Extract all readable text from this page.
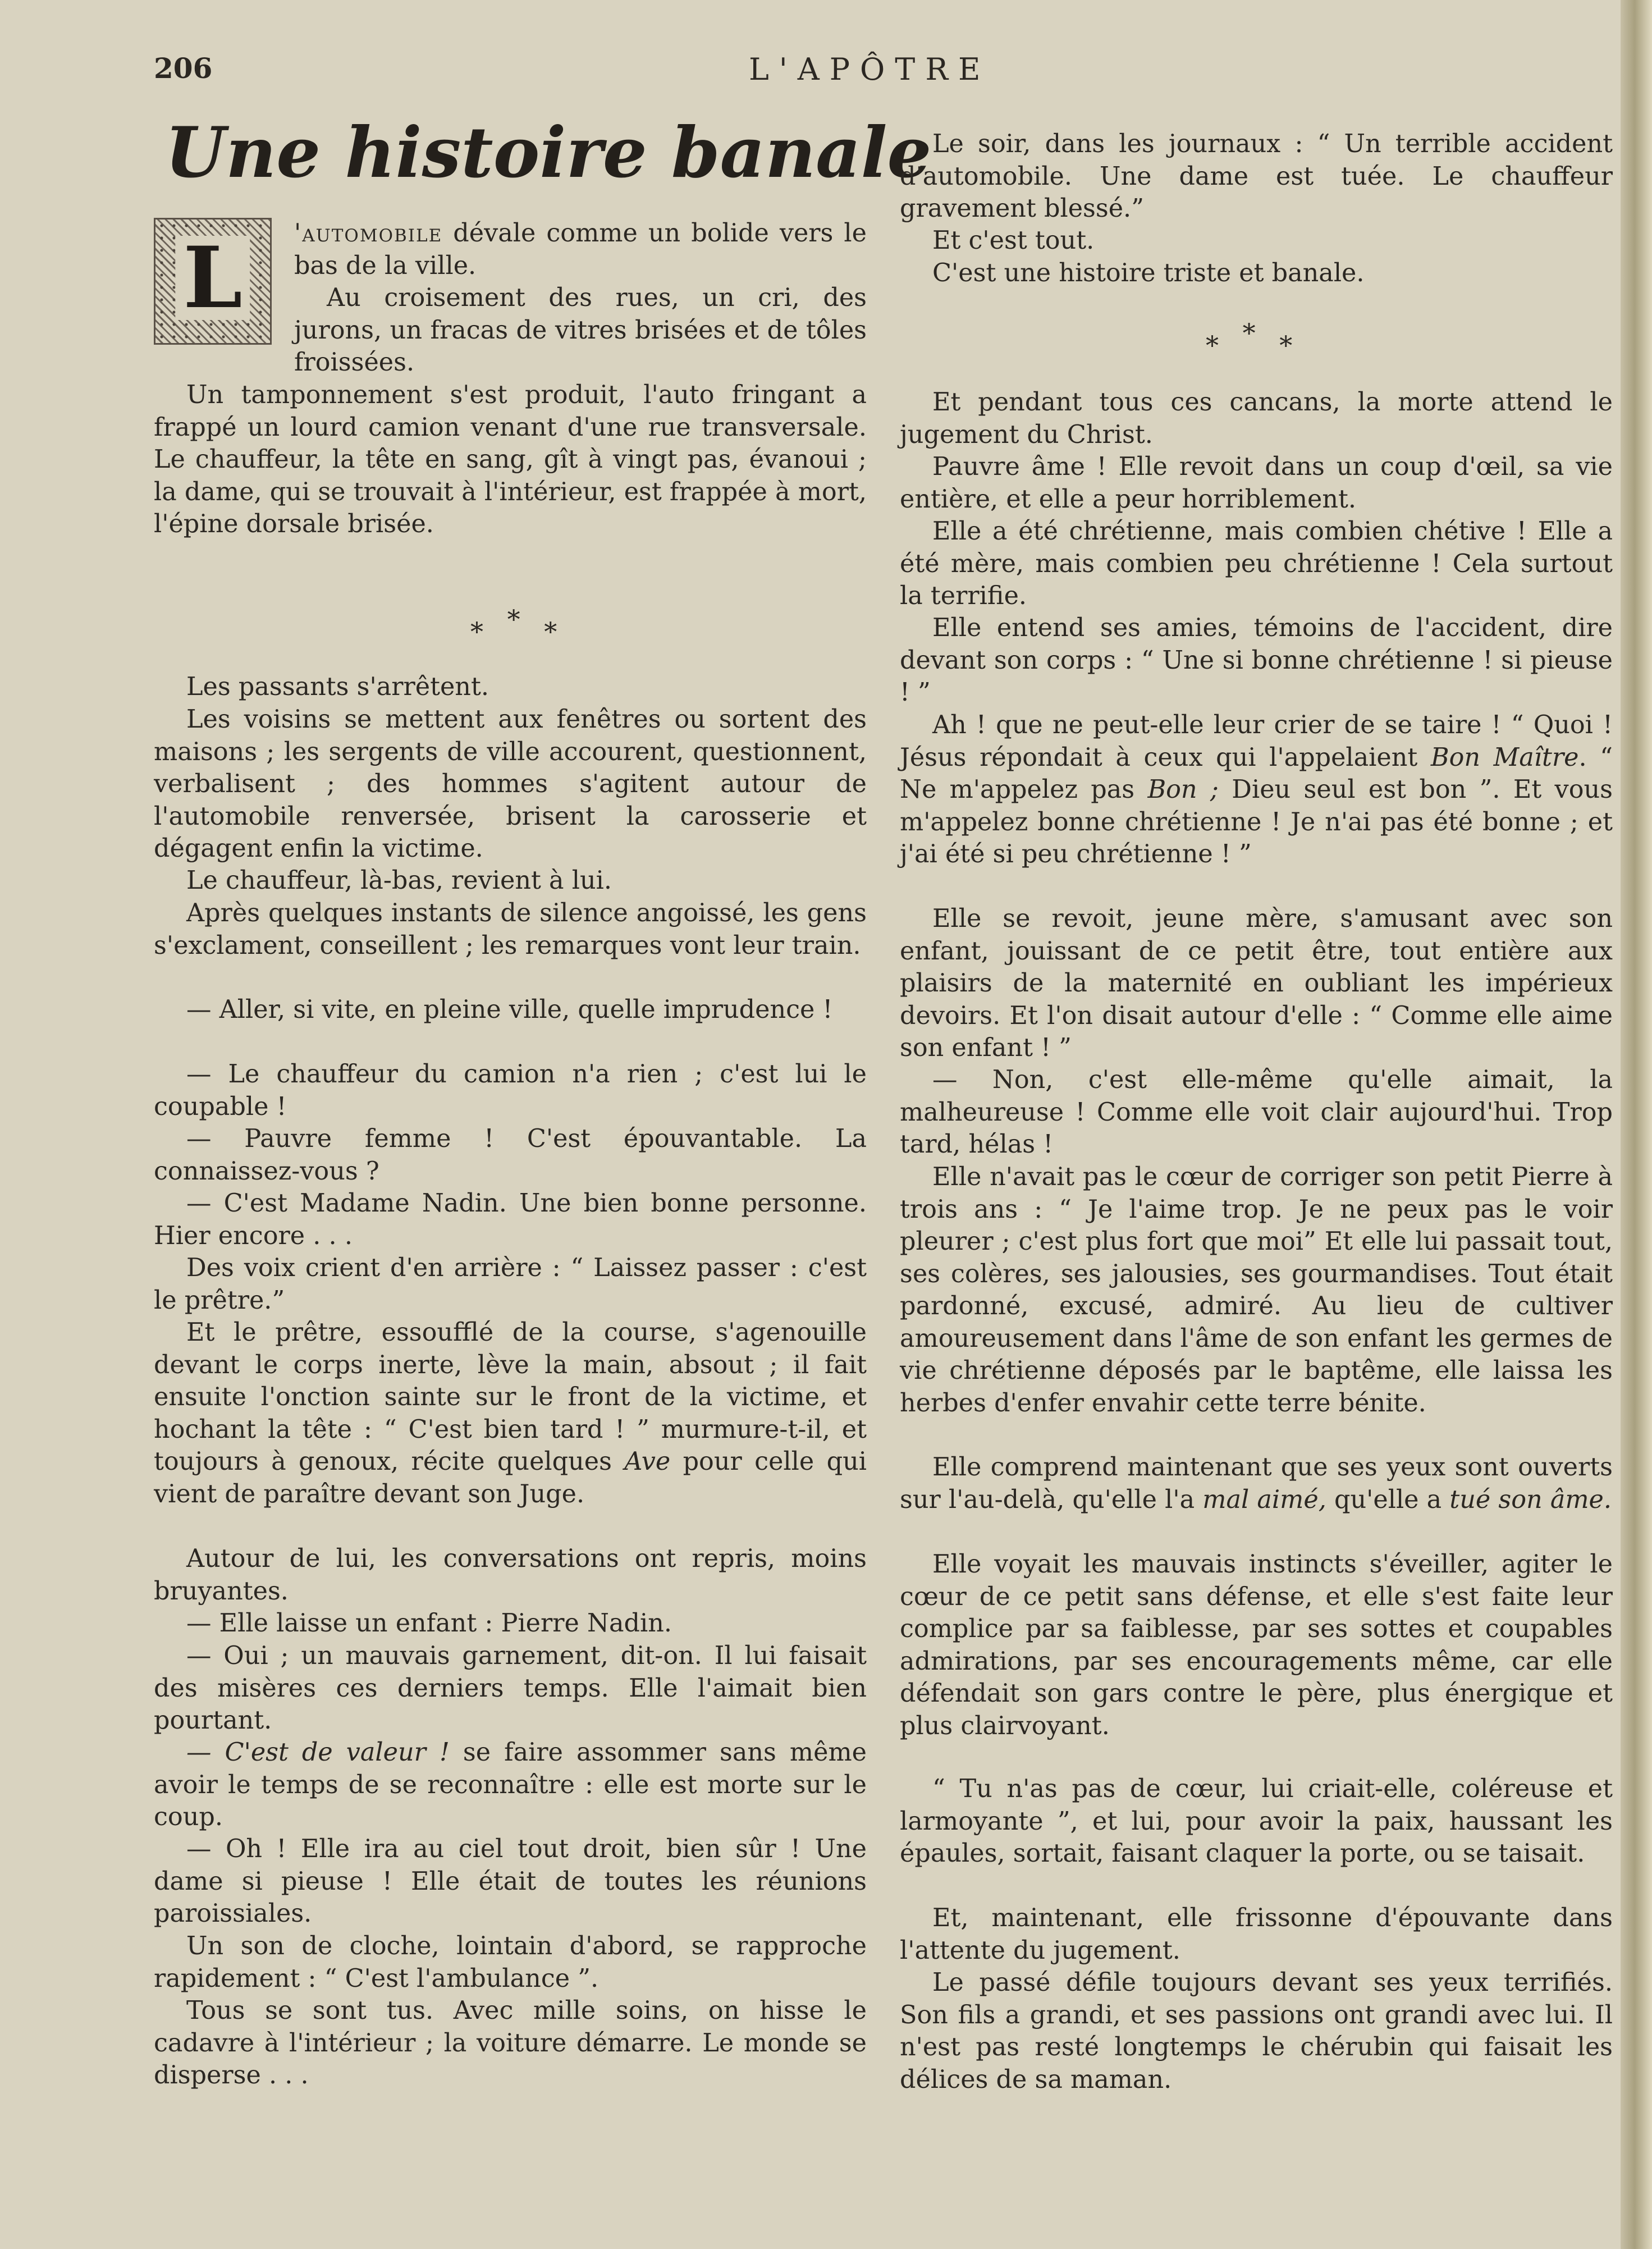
206	L'APÔTRE
Une histoire banale
L	'automobile dévale comme un bolide vers le bas de la ville.

Au croisement des rues, un cri, des jurons, un fracas de vitres brisées et de tôles froissées.

Un tamponnement s'est produit, l'auto fringant a frappé un lourd camion venant d'une rue transversale. Le chauffeur, la tête en sang, gît à vingt pas, évanoui ; la dame, qui se trouvait à l'intérieur, est frappée à mort, l'épine dorsale brisée.

* * *

Les passants s'arrêtent.

Les voisins se mettent aux fenêtres ou sortent des maisons ; les sergents de ville accourent, questionnent, verbalisent ; des hommes s'agitent autour de l'automobile renversée, brisent la carosserie et dégagent enfin la victime.

Le chauffeur, là-bas, revient à lui.

Après quelques instants de silence angoissé, les gens s'exclament, conseillent ; les remarques vont leur train.

— Aller, si vite, en pleine ville, quelle imprudence !

— Le chauffeur du camion n'a rien ; c'est lui le coupable !

— Pauvre femme ! C'est épouvantable. La connaissez-vous ?

— C'est Madame Nadin. Une bien bonne personne. Hier encore . . .

Des voix crient d'en arrière : “ Laissez passer : c'est le prêtre.”

Et le prêtre, essoufflé de la course, s'agenouille devant le corps inerte, lève la main, absout ; il fait ensuite l'onction sainte sur le front de la victime, et hochant la tête : “ C'est bien tard ! ” murmure-t-il, et toujours à genoux, récite quelques Ave pour celle qui vient de paraître devant son Juge.

Autour de lui, les conversations ont repris, moins bruyantes.

— Elle laisse un enfant : Pierre Nadin.

— Oui ; un mauvais garnement, dit-on. Il lui faisait des misères ces derniers temps. Elle l'aimait bien pourtant.

— C'est de valeur ! se faire assommer sans même avoir le temps de se reconnaître : elle est morte sur le coup.

— Oh ! Elle ira au ciel tout droit, bien sûr ! Une dame si pieuse ! Elle était de toutes les réunions paroissiales.

Un son de cloche, lointain d'abord, se rapproche rapidement : “ C'est l'ambulance ”.

Tous se sont tus. Avec mille soins, on hisse le cadavre à l'intérieur ; la voiture démarre. Le monde se disperse . . .

Le soir, dans les journaux : “ Un terrible accident d'automobile. Une dame est tuée. Le chauffeur gravement blessé.”

Et c'est tout.

C'est une histoire triste et banale.

* * *

Et pendant tous ces cancans, la morte attend le jugement du Christ.

Pauvre âme ! Elle revoit dans un coup d'œil, sa vie entière, et elle a peur horriblement.

Elle a été chrétienne, mais combien chétive ! Elle a été mère, mais combien peu chrétienne ! Cela surtout la terrifie.

Elle entend ses amies, témoins de l'accident, dire devant son corps : “ Une si bonne chrétienne ! si pieuse ! ”

Ah ! que ne peut-elle leur crier de se taire ! “ Quoi ! Jésus répondait à ceux qui l'appelaient Bon Maître. “ Ne m'appelez pas Bon ; Dieu seul est bon ”. Et vous m'appelez bonne chrétienne ! Je n'ai pas été bonne ; et j'ai été si peu chrétienne ! ”

Elle se revoit, jeune mère, s'amusant avec son enfant, jouissant de ce petit être, tout entière aux plaisirs de la maternité en oubliant les impérieux devoirs. Et l'on disait autour d'elle : “ Comme elle aime son enfant ! ”

— Non, c'est elle-même qu'elle aimait, la malheureuse ! Comme elle voit clair aujourd'hui. Trop tard, hélas !

Elle n'avait pas le cœur de corriger son petit Pierre à trois ans : “ Je l'aime trop. Je ne peux pas le voir pleurer ; c'est plus fort que moi” Et elle lui passait tout, ses colères, ses jalousies, ses gourmandises. Tout était pardonné, excusé, admiré. Au lieu de cultiver amoureusement dans l'âme de son enfant les germes de vie chrétienne déposés par le baptême, elle laissa les herbes d'enfer envahir cette terre bénite.

Elle comprend maintenant que ses yeux sont ouverts sur l'au-delà, qu'elle l'a mal aimé, qu'elle a tué son âme.

Elle voyait les mauvais instincts s'éveiller, agiter le cœur de ce petit sans défense, et elle s'est faite leur complice par sa faiblesse, par ses sottes et coupables admirations, par ses encouragements même, car elle défendait son gars contre le père, plus énergique et plus clairvoyant.

“ Tu n'as pas de cœur, lui criait-elle, coléreuse et larmoyante ”, et lui, pour avoir la paix, haussant les épaules, sortait, faisant claquer la porte, ou se taisait.

Et, maintenant, elle frissonne d'épouvante dans l'attente du jugement.

Le passé défile toujours devant ses yeux terrifiés. Son fils a grandi, et ses passions ont grandi avec lui. Il n'est pas resté longtemps le chérubin qui faisait les délices de sa maman.
